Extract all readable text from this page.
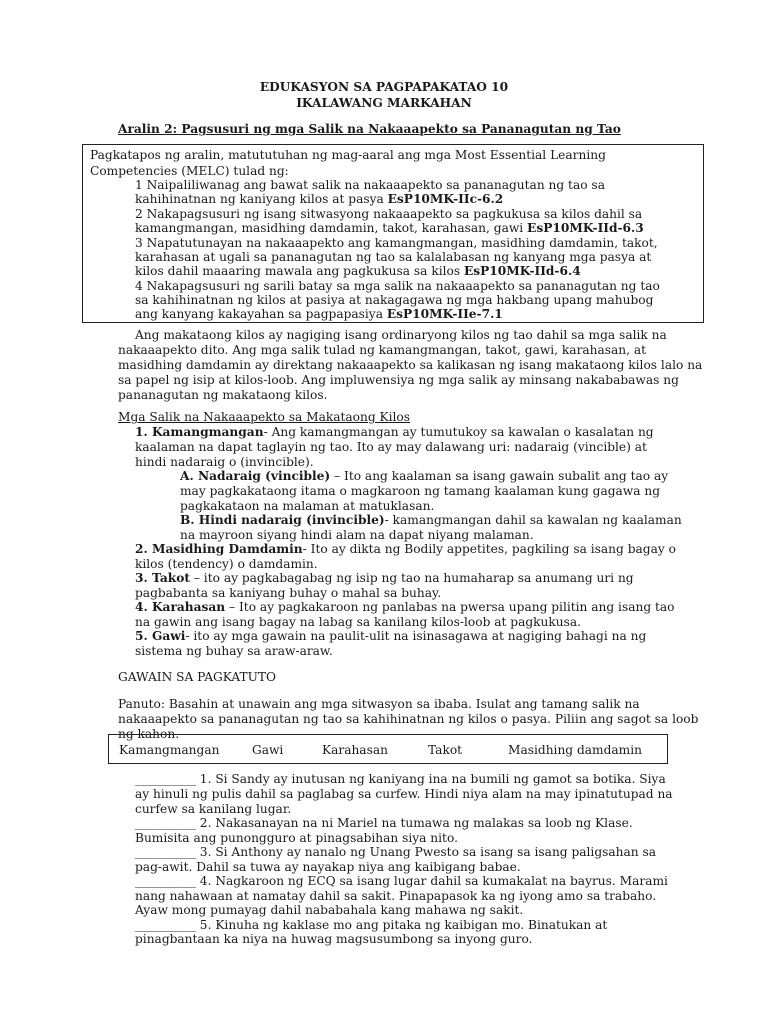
EDUKASYON SA PAGPAPAKATAO 10
IKALAWANG MARKAHAN
Aralin 2: Pagsusuri ng mga Salik na Nakaaapekto sa Pananagutan ng Tao
Pagkatapos ng aralin, matututuhan ng mag-aaral ang mga Most Essential Learning
Competencies (MELC) tulad ng:
1 Naipaliliwanag ang bawat salik na nakaaapekto sa pananagutan ng tao sa
kahihinatnan ng kaniyang kilos at pasya EsP10MK-IIc-6.2
2 Nakapagsusuri ng isang sitwasyong nakaaapekto sa pagkukusa sa kilos dahil sa
kamangmangan, masidhing damdamin, takot, karahasan, gawi EsP10MK-IId-6.3
3 Napatutunayan na nakaaapekto ang kamangmangan, masidhing damdamin, takot,
karahasan at ugali sa pananagutan ng tao sa kalalabasan ng kanyang mga pasya at
kilos dahil maaaring mawala ang pagkukusa sa kilos EsP10MK-IId-6.4
4 Nakapagsusuri ng sarili batay sa mga salik na nakaaapekto sa pananagutan ng tao
sa kahihinatnan ng kilos at pasiya at nakagagawa ng mga hakbang upang mahubog
ang kanyang kakayahan sa pagpapasiya EsP10MK-IIe-7.1
Ang makataong kilos ay nagiging isang ordinaryong kilos ng tao dahil sa mga salik na
nakaaapekto dito. Ang mga salik tulad ng kamangmangan, takot, gawi, karahasan, at
masidhing damdamin ay direktang nakaaapekto sa kalikasan ng isang makataong kilos lalo na
sa papel ng isip at kilos-loob. Ang impluwensiya ng mga salik ay minsang nakababawas ng
pananagutan ng makataong kilos.
Mga Salik na Nakaaapekto sa Makataong Kilos
1. Kamangmangan- Ang kamangmangan ay tumutukoy sa kawalan o kasalatan ng
kaalaman na dapat taglayin ng tao. Ito ay may dalawang uri: nadaraig (vincible) at
hindi nadaraig o (invincible).
A. Nadaraig (vincible) – Ito ang kaalaman sa isang gawain subalit ang tao ay
may pagkakataong itama o magkaroon ng tamang kaalaman kung gagawa ng
pagkakataon na malaman at matuklasan.
B. Hindi nadaraig (invincible)- kamangmangan dahil sa kawalan ng kaalaman
na mayroon siyang hindi alam na dapat niyang malaman.
2. Masidhing Damdamin- Ito ay dikta ng Bodily appetites, pagkiling sa isang bagay o
kilos (tendency) o damdamin.
3. Takot – ito ay pagkabagabag ng isip ng tao na humaharap sa anumang uri ng
pagbabanta sa kaniyang buhay o mahal sa buhay.
4. Karahasan – Ito ay pagkakaroon ng panlabas na pwersa upang pilitin ang isang tao
na gawin ang isang bagay na labag sa kanilang kilos-loob at pagkukusa.
5. Gawi- ito ay mga gawain na paulit-ulit na isinasagawa at nagiging bahagi na ng
sistema ng buhay sa araw-araw.
GAWAIN SA PAGKATUTO
Panuto: Basahin at unawain ang mga sitwasyon sa ibaba. Isulat ang tamang salik na
nakaaapekto sa pananagutan ng tao sa kahihinatnan ng kilos o pasya. Piliin ang sagot sa loob
ng kahon.
Kamangmangan	Gawi	Karahasan	Takot	Masidhing damdamin
__________ 1. Si Sandy ay inutusan ng kaniyang ina na bumili ng gamot sa botika. Siya
ay hinuli ng pulis dahil sa paglabag sa curfew. Hindi niya alam na may ipinatutupad na
curfew sa kanilang lugar.
__________ 2. Nakasanayan na ni Mariel na tumawa ng malakas sa loob ng Klase.
Bumisita ang punongguro at pinagsabihan siya nito.
__________ 3. Si Anthony ay nanalo ng Unang Pwesto sa isang sa isang paligsahan sa
pag-awit. Dahil sa tuwa ay nayakap niya ang kaibigang babae.
__________ 4. Nagkaroon ng ECQ sa isang lugar dahil sa kumakalat na bayrus. Marami
nang nahawaan at namatay dahil sa sakit. Pinapapasok ka ng iyong amo sa trabaho.
Ayaw mong pumayag dahil nababahala kang mahawa ng sakit.
__________ 5. Kinuha ng kaklase mo ang pitaka ng kaibigan mo. Binatukan at
pinagbantaan ka niya na huwag magsusumbong sa inyong guro.
